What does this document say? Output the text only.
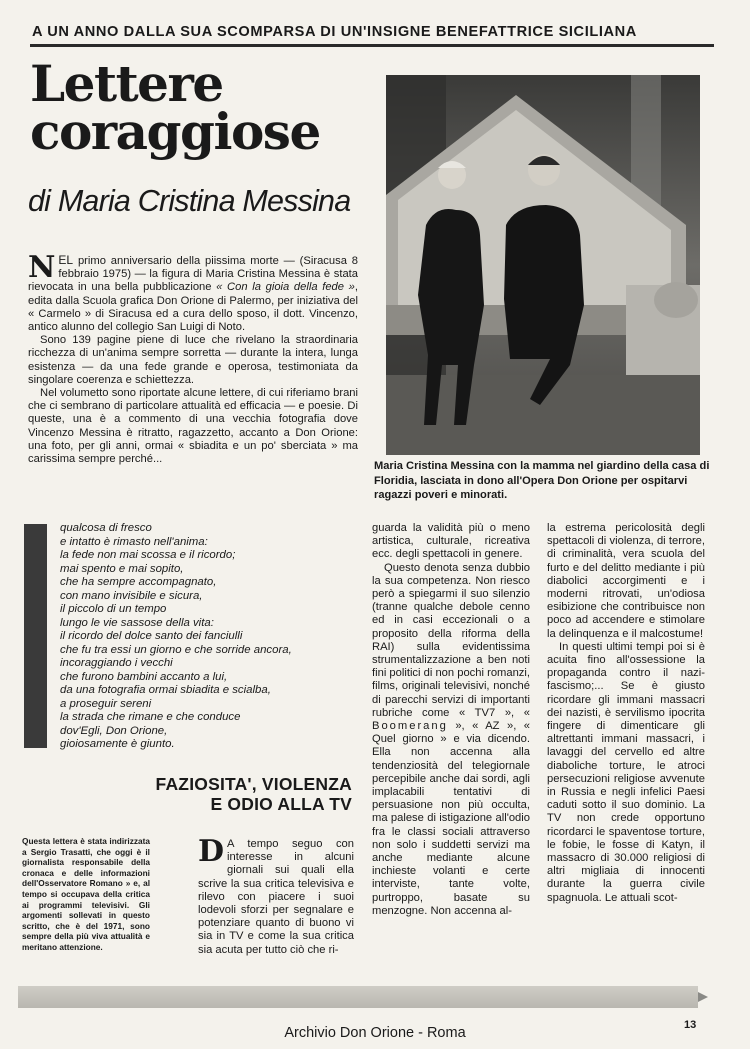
A UN ANNO DALLA SUA SCOMPARSA DI UN'INSIGNE BENEFATTRICE SICILIANA
Lettere
coraggiose
di Maria Cristina Messina
Maria Cristina Messina con la mamma nel giardino della casa di Floridia, lasciata in dono all'Opera Don Orione per ospitarvi ragazzi poveri e minorati.

NEL primo anniversario della piissima morte — (Siracusa 8 febbraio 1975) — la figura di Maria Cristina Messina è stata rievocata in una bella pubblicazione « Con la gioia della fede », edita dalla Scuola grafica Don Orione di Palermo, per iniziativa del « Carmelo » di Siracusa ed a cura dello sposo, il dott. Vincenzo, antico alunno del collegio San Luigi di Noto.

Sono 139 pagine piene di luce che rivelano la straordinaria ricchezza di un'anima sempre sorretta — durante la intera, lunga esistenza — da una fede grande e operosa, testimoniata da singolare coerenza e schiettezza.

Nel volumetto sono riportate alcune lettere, di cui riferiamo brani che ci sembrano di particolare attualità ed efficacia — e poesie. Di queste, una è a commento di una vecchia fotografia dove Vincenzo Messina è ritratto, ragazzetto, accanto a Don Orione: una foto, per gli anni, ormai « sbiadita e un po' sberciata » ma carissima sempre perché...

qualcosa di fresco
e intatto è rimasto nell'anima:
la fede non mai scossa e il ricordo;
mai spento e mai sopito,
che ha sempre accompagnato,
con mano invisibile e sicura,
il piccolo di un tempo
lungo le vie sassose della vita:
il ricordo del dolce santo dei fanciulli
che fu tra essi un giorno e che sorride ancora,
incoraggiando i vecchi
che furono bambini accanto a lui,
da una fotografia ormai sbiadita e scialba,
a proseguir sereni
la strada che rimane e che conduce
dov'Egli, Don Orione,
gioiosamente è giunto.
FAZIOSITA', VIOLENZA
E ODIO ALLA TV
Questa lettera è stata indirizzata a Sergio Trasatti, che oggi è il giornalista responsabile della cronaca e delle informazioni dell'Osservatore Romano » e, al tempo si occupava della critica ai programmi televisivi. Gli argomenti sollevati in questo scritto, che è del 1971, sono sempre della più viva attualità e meritano attenzione.

D A tempo seguo con interesse in alcuni giornali sui quali ella scrive la sua critica televisiva e rilevo con piacere i suoi lodevoli sforzi per segnalare e potenziare quanto di buono vi sia in TV e come la sua critica sia acuta per tutto ciò che ri-

guarda la validità più o meno artistica, culturale, ricreativa ecc. degli spettacoli in genere.

Questo denota senza dubbio la sua competenza. Non riesco però a spiegarmi il suo silenzio (tranne qualche debole cenno ed in casi eccezionali o a proposito della riforma della RAI) sulla evidentissima strumentalizzazione a ben noti fini politici di non pochi romanzi, films, originali televisivi, nonché di parecchi servizi di importanti rubriche come « TV7 », « Boomerang », « AZ », « Quel giorno » e via dicendo. Ella non accenna alla tendenziosità del telegiornale percepibile anche dai sordi, agli implacabili tentativi di persuasione non più occulta, ma palese di istigazione all'odio fra le classi sociali attraverso non solo i suddetti servizi ma anche mediante alcune inchieste volanti e certe interviste, tante volte, purtroppo, basate su menzogne. Non accenna al-

la estrema pericolosità degli spettacoli di violenza, di terrore, di criminalità, vera scuola del furto e del delitto mediante i più diabolici accorgimenti e i moderni ritrovati, un'odiosa esibizione che contribuisce non poco ad accendere e stimolare la delinquenza e il malcostume!

In questi ultimi tempi poi si è acuita fino all'ossessione la propaganda contro il nazi-fascismo;... Se è giusto ricordare gli immani massacri dei nazisti, è servilismo ipocrita fingere di dimenticare gli altrettanti immani massacri, i lavaggi del cervello ed altre diaboliche torture, le atroci persecuzioni religiose avvenute in Russia e negli infelici Paesi caduti sotto il suo dominio. La TV non crede opportuno ricordarci le spaventose torture, le fobie, le fosse di Katyn, il massacro di 30.000 religiosi di altri migliaia di innocenti durante la guerra civile spagnuola. Le attuali scot-

13
Archivio Don Orione - Roma
